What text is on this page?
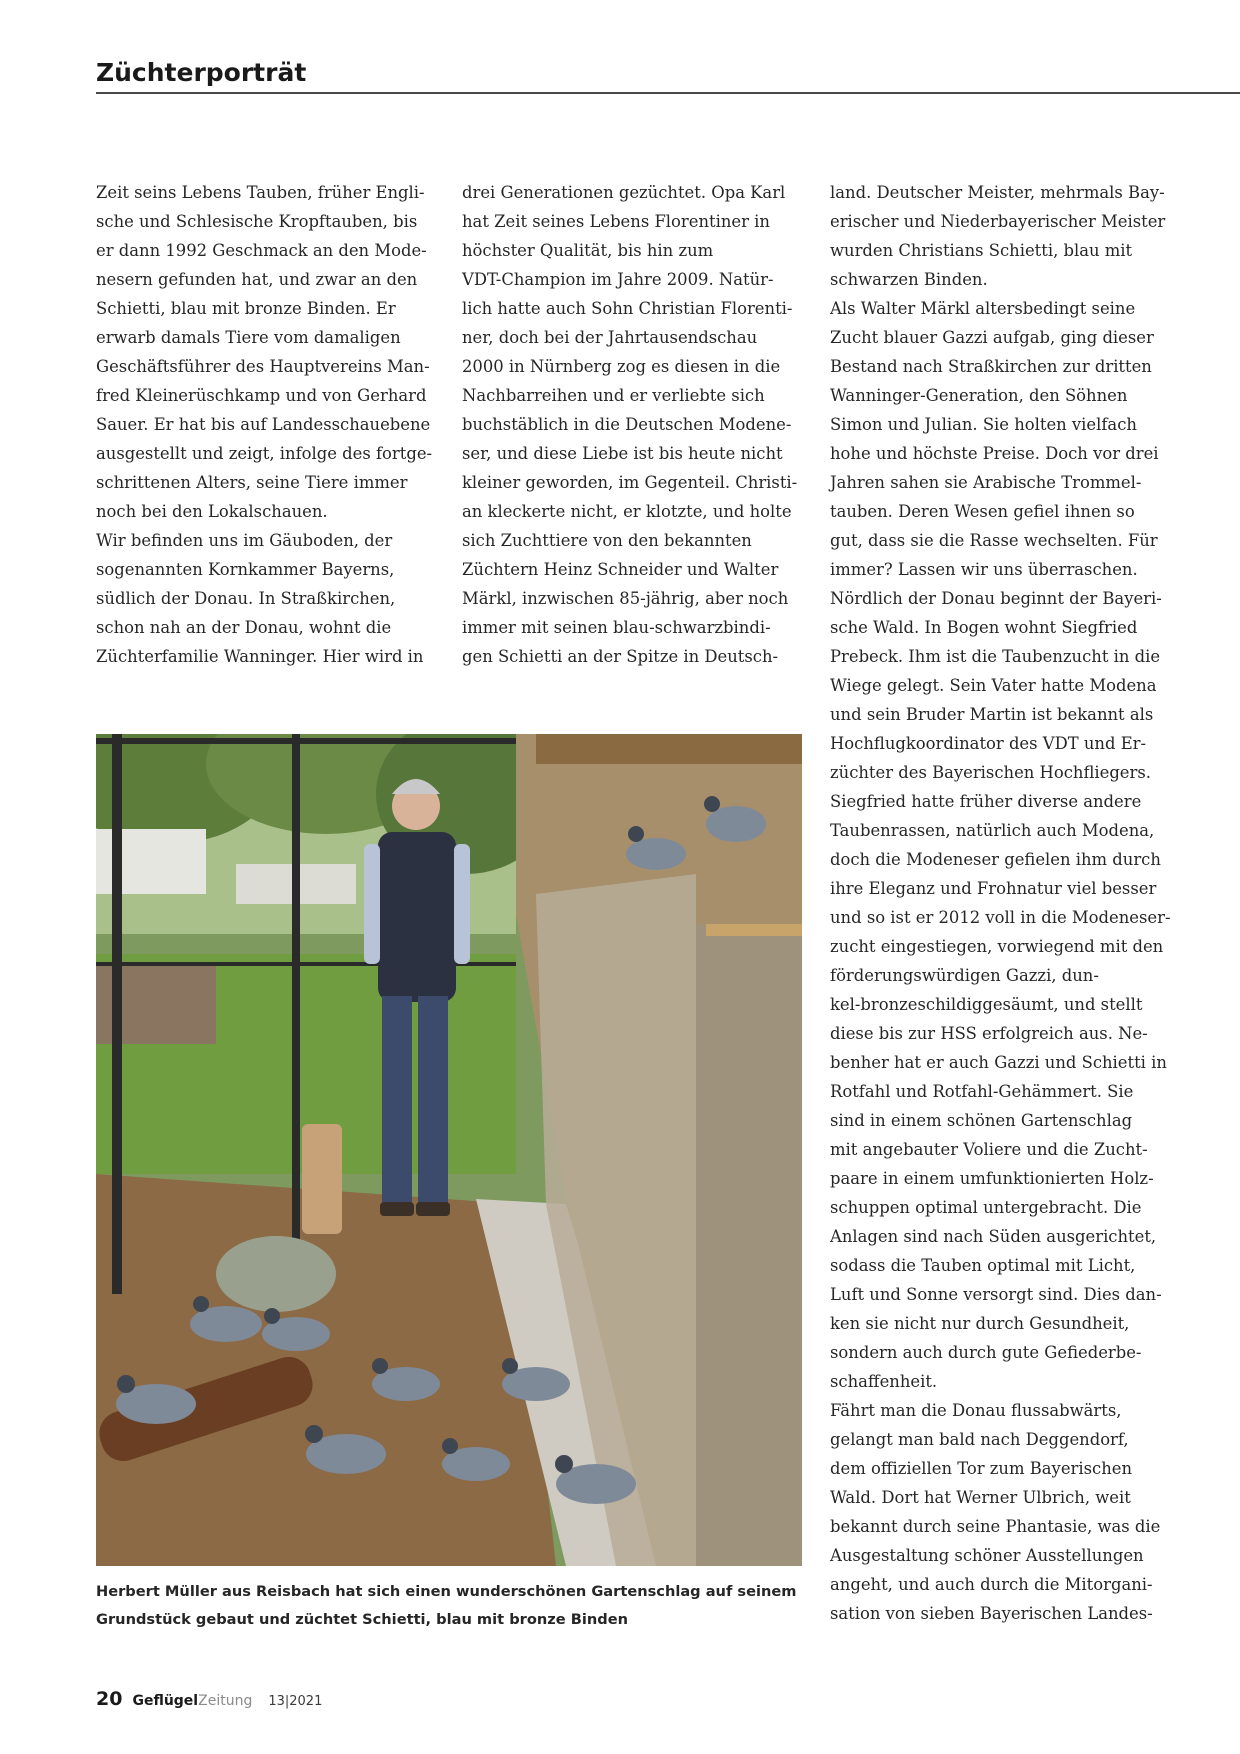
Züchterporträt
Zeit seins Lebens Tauben, früher Engli-
sche und Schlesische Kropftauben, bis
er dann 1992 Geschmack an den Mode-
nesern gefunden hat, und zwar an den
Schietti, blau mit bronze Binden. Er
erwarb damals Tiere vom damaligen
Geschäftsführer des Hauptvereins Man-
fred Kleinerüschkamp und von Gerhard
Sauer. Er hat bis auf Landesschauebene
ausgestellt und zeigt, infolge des fortge-
schrittenen Alters, seine Tiere immer
noch bei den Lokalschauen.
Wir befinden uns im Gäuboden, der
sogenannten Kornkammer Bayerns,
südlich der Donau. In Straßkirchen,
schon nah an der Donau, wohnt die
Züchterfamilie Wanninger. Hier wird in
drei Generationen gezüchtet. Opa Karl
hat Zeit seines Lebens Florentiner in
höchster Qualität, bis hin zum
VDT-Champion im Jahre 2009. Natür-
lich hatte auch Sohn Christian Florenti-
ner, doch bei der Jahrtausendschau
2000 in Nürnberg zog es diesen in die
Nachbarreihen und er verliebte sich
buchstäblich in die Deutschen Modene-
ser, und diese Liebe ist bis heute nicht
kleiner geworden, im Gegenteil. Christi-
an kleckerte nicht, er klotzte, und holte
sich Zuchttiere von den bekannten
Züchtern Heinz Schneider und Walter
Märkl, inzwischen 85-jährig, aber noch
immer mit seinen blau-schwarzbindi-
gen Schietti an der Spitze in Deutsch-
land. Deutscher Meister, mehrmals Bay-
erischer und Niederbayerischer Meister
wurden Christians Schietti, blau mit
schwarzen Binden.
Als Walter Märkl altersbedingt seine
Zucht blauer Gazzi aufgab, ging dieser
Bestand nach Straßkirchen zur dritten
Wanninger-Generation, den Söhnen
Simon und Julian. Sie holten vielfach
hohe und höchste Preise. Doch vor drei
Jahren sahen sie Arabische Trommel-
tauben. Deren Wesen gefiel ihnen so
gut, dass sie die Rasse wechselten. Für
immer? Lassen wir uns überraschen.
Nördlich der Donau beginnt der Bayeri-
sche Wald. In Bogen wohnt Siegfried
Prebeck. Ihm ist die Taubenzucht in die
Wiege gelegt. Sein Vater hatte Modena
und sein Bruder Martin ist bekannt als
Hochflugkoordinator des VDT und Er-
züchter des Bayerischen Hochfliegers.
Siegfried hatte früher diverse andere
Taubenrassen, natürlich auch Modena,
doch die Modeneser gefielen ihm durch
ihre Eleganz und Frohnatur viel besser
und so ist er 2012 voll in die Modeneser-
zucht eingestiegen, vorwiegend mit den
förderungswürdigen Gazzi, dun-
kel-bronzeschildiggesäumt, und stellt
diese bis zur HSS erfolgreich aus. Ne-
benher hat er auch Gazzi und Schietti in
Rotfahl und Rotfahl-Gehämmert. Sie
sind in einem schönen Gartenschlag
mit angebauter Voliere und die Zucht-
paare in einem umfunktionierten Holz-
schuppen optimal untergebracht. Die
Anlagen sind nach Süden ausgerichtet,
sodass die Tauben optimal mit Licht,
Luft und Sonne versorgt sind. Dies dan-
ken sie nicht nur durch Gesundheit,
sondern auch durch gute Gefiederbe-
schaffenheit.
Fährt man die Donau flussabwärts,
gelangt man bald nach Deggendorf,
dem offiziellen Tor zum Bayerischen
Wald. Dort hat Werner Ulbrich, weit
bekannt durch seine Phantasie, was die
Ausgestaltung schöner Ausstellungen
angeht, und auch durch die Mitorgani-
sation von sieben Bayerischen Landes-
Herbert Müller aus Reisbach hat sich einen wunderschönen Gartenschlag auf seinem
Grundstück gebaut und züchtet Schietti, blau mit bronze Binden
20 GeflügelZeitung 13|2021
